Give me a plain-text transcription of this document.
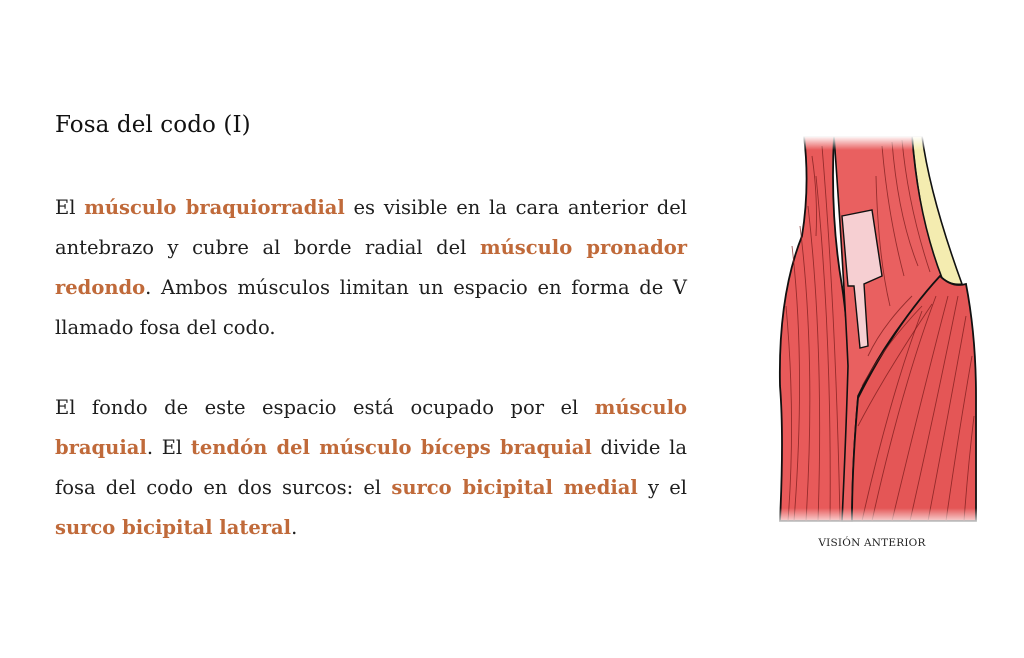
Fosa del codo (I)

El músculo braquiorradial es visible en la cara anterior del antebrazo y cubre al borde radial del músculo pronador redondo. Ambos músculos limitan un espacio en forma de V llamado fosa del codo.

El fondo de este espacio está ocupado por el músculo braquial. El tendón del músculo bíceps braquial divide la fosa del codo en dos surcos: el surco bicipital medial y el surco bicipital lateral.

VISIÓN ANTERIOR
